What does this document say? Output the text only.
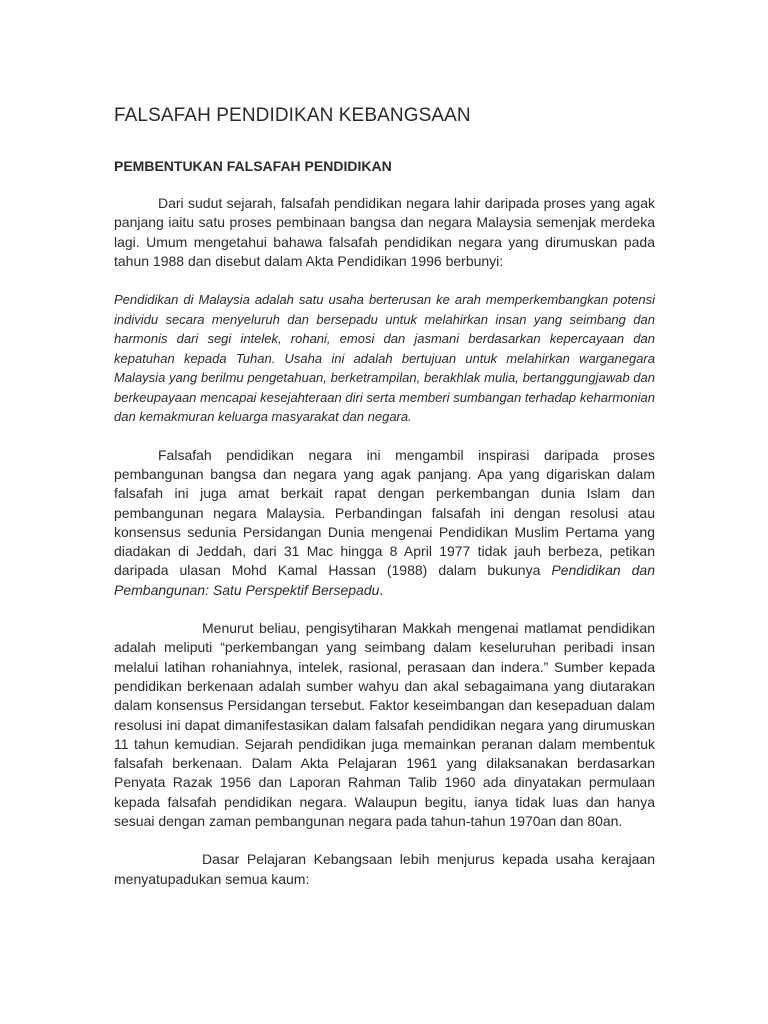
FALSAFAH PENDIDIKAN KEBANGSAAN
PEMBENTUKAN FALSAFAH PENDIDIKAN

Dari sudut sejarah, falsafah pendidikan negara lahir daripada proses yang agak panjang iaitu satu proses pembinaan bangsa dan negara Malaysia semenjak merdeka lagi. Umum mengetahui bahawa falsafah pendidikan negara yang dirumuskan pada tahun 1988 dan disebut dalam Akta Pendidikan 1996 berbunyi:

Pendidikan di Malaysia adalah satu usaha berterusan ke arah memperkembangkan potensi individu secara menyeluruh dan bersepadu untuk melahirkan insan yang seimbang dan harmonis dari segi intelek, rohani, emosi dan jasmani berdasarkan kepercayaan dan kepatuhan kepada Tuhan. Usaha ini adalah bertujuan untuk melahirkan warganegara Malaysia yang berilmu pengetahuan, berketrampilan, berakhlak mulia, bertanggungjawab dan berkeupayaan mencapai kesejahteraan diri serta memberi sumbangan terhadap keharmonian dan kemakmuran keluarga masyarakat dan negara.

Falsafah pendidikan negara ini mengambil inspirasi daripada proses pembangunan bangsa dan negara yang agak panjang. Apa yang digariskan dalam falsafah ini juga amat berkait rapat dengan perkembangan dunia Islam dan pembangunan negara Malaysia. Perbandingan falsafah ini dengan resolusi atau konsensus sedunia Persidangan Dunia mengenai Pendidikan Muslim Pertama yang diadakan di Jeddah, dari 31 Mac hingga 8 April 1977 tidak jauh berbeza, petikan daripada ulasan Mohd Kamal Hassan (1988) dalam bukunya Pendidikan dan Pembangunan: Satu Perspektif Bersepadu.

Menurut beliau, pengisytiharan Makkah mengenai matlamat pendidikan adalah meliputi “perkembangan yang seimbang dalam keseluruhan peribadi insan melalui latihan rohaniahnya, intelek, rasional, perasaan dan indera.” Sumber kepada pendidikan berkenaan adalah sumber wahyu dan akal sebagaimana yang diutarakan dalam konsensus Persidangan tersebut. Faktor keseimbangan dan kesepaduan dalam resolusi ini dapat dimanifestasikan dalam falsafah pendidikan negara yang dirumuskan 11 tahun kemudian. Sejarah pendidikan juga memainkan peranan dalam membentuk falsafah berkenaan. Dalam Akta Pelajaran 1961 yang dilaksanakan berdasarkan Penyata Razak 1956 dan Laporan Rahman Talib 1960 ada dinyatakan permulaan kepada falsafah pendidikan negara. Walaupun begitu, ianya tidak luas dan hanya sesuai dengan zaman pembangunan negara pada tahun-tahun 1970an dan 80an.

Dasar Pelajaran Kebangsaan lebih menjurus kepada usaha kerajaan menyatupadukan semua kaum:
